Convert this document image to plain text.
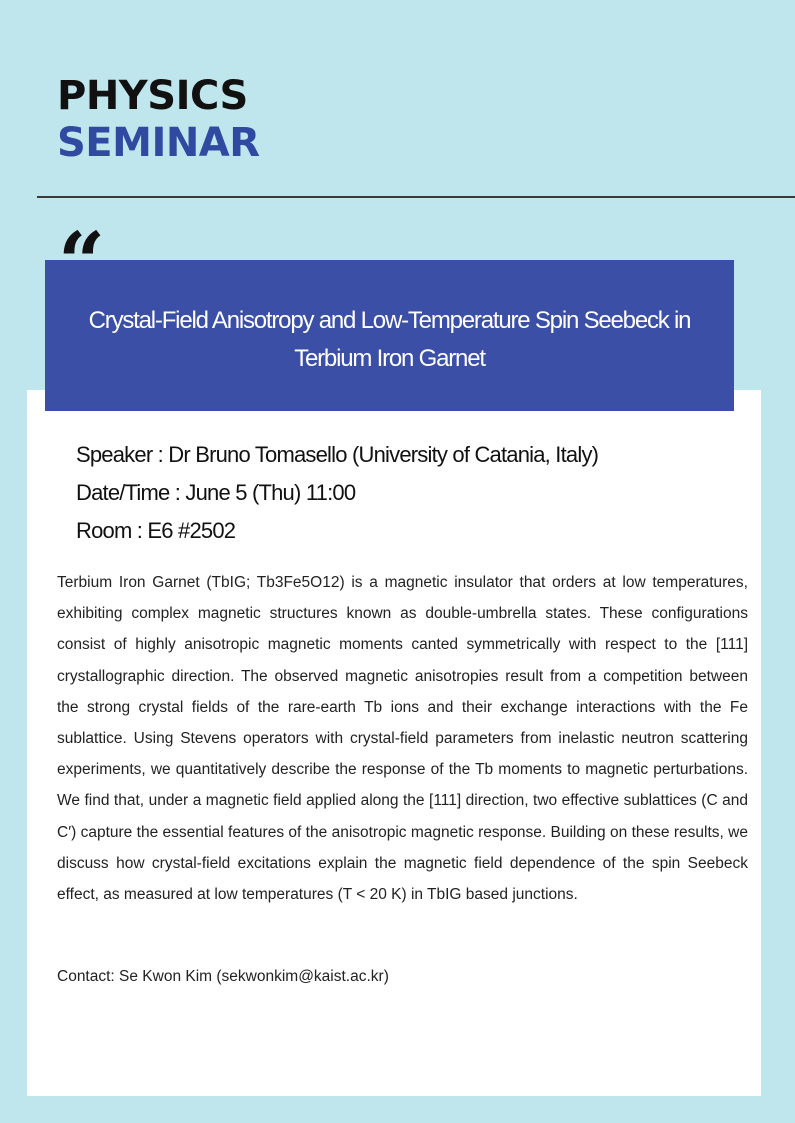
PHYSICS
SEMINAR
Crystal-Field Anisotropy and Low-Temperature Spin Seebeck in Terbium Iron Garnet
“
Speaker : Dr Bruno Tomasello (University of Catania, Italy)
Date/Time : June 5 (Thu) 11:00
Room : E6 #2502

Terbium Iron Garnet (TbIG; Tb3Fe5O12) is a magnetic insulator that orders at low temperatures, exhibiting complex magnetic structures known as double-umbrella states. These configurations consist of highly anisotropic magnetic moments canted symmetrically with respect to the [111] crystallographic direction. The observed magnetic anisotropies result from a competition between the strong crystal fields of the rare-earth Tb ions and their exchange interactions with the Fe sublattice. Using Stevens operators with crystal-field parameters from inelastic neutron scattering experiments, we quantitatively describe the response of the Tb moments to magnetic perturbations. We find that, under a magnetic field applied along the [111] direction, two effective sublattices (C and C′) capture the essential features of the anisotropic magnetic response. Building on these results, we discuss how crystal-field excitations explain the magnetic field dependence of the spin Seebeck effect, as measured at low temperatures (T < 20 K) in TbIG based junctions.

Contact: Se Kwon Kim (sekwonkim@kaist.ac.kr)
